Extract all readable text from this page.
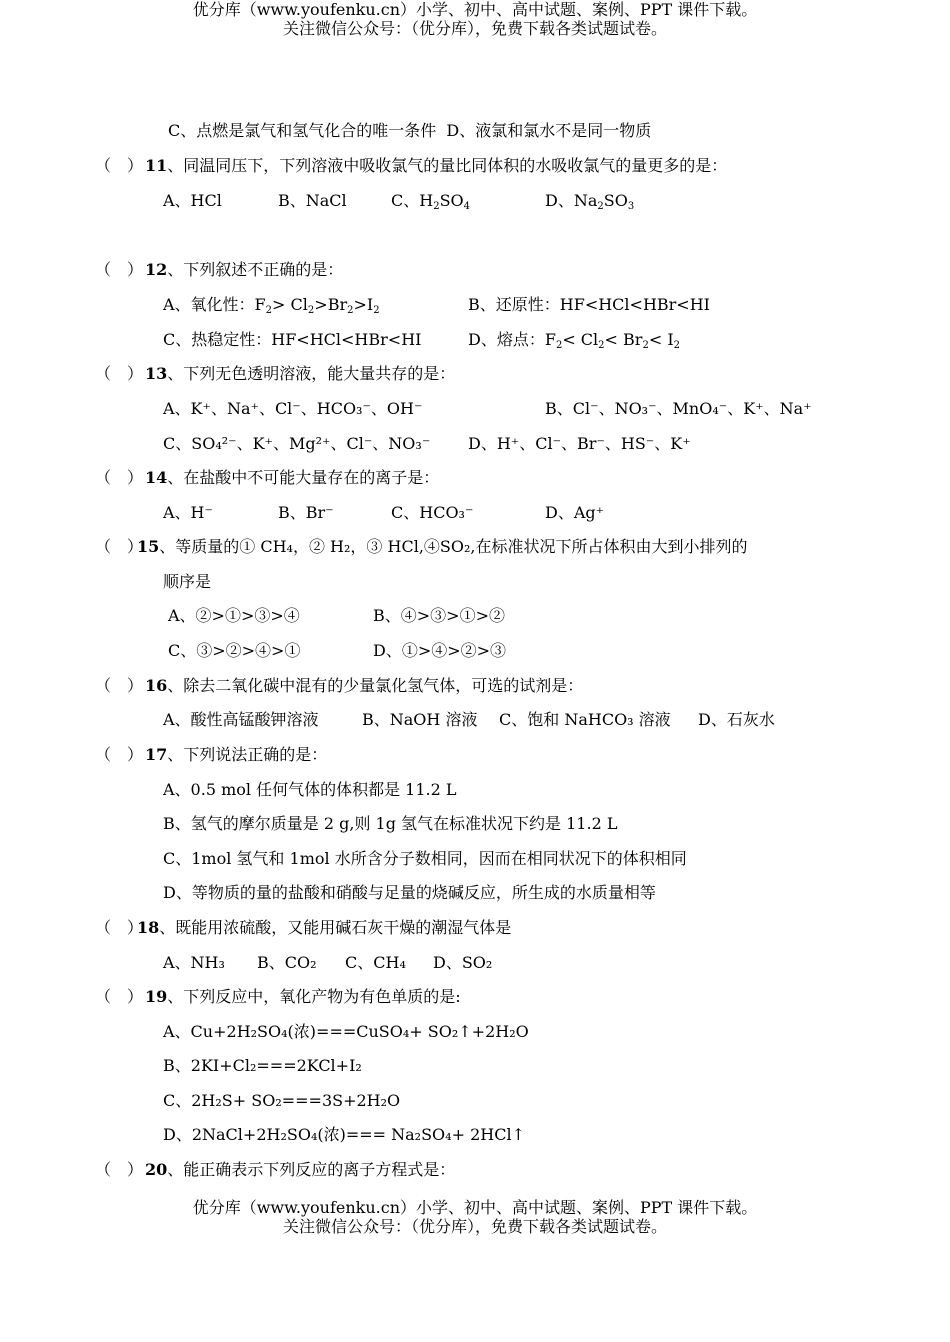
优分库（www.youfenku.cn）小学、初中、高中试题、案例、PPT 课件下载。
关注微信公众号：（优分库），免费下载各类试题试卷。
C、点燃是氯气和氢气化合的唯一条件 D、液氯和氯水不是同一物质
（　） 11、同温同压下，下列溶液中吸收氯气的量比同体积的水吸收氯气的量更多的是：
A、HCl	B、NaCl	C、$H_2SO_4$	D、$Na_2SO_3$
（　） 12、下列叙述不正确的是：
A、氧化性：$F_2> Cl_2>Br_2>I_2$	B、还原性：HF<HCl<HBr<HI
C、热稳定性：HF<HCl<HBr<HI	D、熔点：$F_2< Cl_2< Br_2< I_2$
（　） 13、下列无色透明溶液，能大量共存的是：
A、K⁺、Na⁺、Cl⁻、HCO₃⁻、OH⁻	B、Cl⁻、NO₃⁻、MnO₄⁻、K⁺、Na⁺
C、SO₄²⁻、K⁺、Mg²⁺、Cl⁻、NO₃⁻ D、H⁺、Cl⁻、Br⁻、HS⁻、K⁺
（　） 14、在盐酸中不可能大量存在的离子是：
A、H⁻	B、Br⁻	C、HCO₃⁻	D、Ag⁺
（　）15、等质量的① CH₄，② H₂，③ HCl,④SO₂,在标准状况下所占体积由大到小排列的
顺序是
A、②>①>③>④	B、④>③>①>②
C、③>②>④>①	D、①>④>②>③
（　） 16、除去二氧化碳中混有的少量氯化氢气体，可选的试剂是：
A、酸性高锰酸钾溶液	B、NaOH 溶液 C、饱和 NaHCO₃ 溶液 D、石灰水
（　） 17、下列说法正确的是：
A、0.5 mol 任何气体的体积都是 11.2 L
B、氢气的摩尔质量是 2 g,则 1g 氢气在标准状况下约是 11.2 L
C、1mol 氢气和 1mol 水所含分子数相同，因而在相同状况下的体积相同
D、等物质的量的盐酸和硝酸与足量的烧碱反应，所生成的水质量相等
（　）18、既能用浓硫酸，又能用碱石灰干燥的潮湿气体是
A、NH₃ B、CO₂ C、CH₄ D、SO₂
（　） 19、下列反应中，氧化产物为有色单质的是:
A、Cu+2H₂SO₄(浓)===CuSO₄+ SO₂↑+2H₂O
B、2KI+Cl₂===2KCl+I₂
C、2H₂S+ SO₂===3S+2H₂O
D、2NaCl+2H₂SO₄(浓)=== Na₂SO₄+ 2HCl↑
（　） 20、能正确表示下列反应的离子方程式是：
优分库（www.youfenku.cn）小学、初中、高中试题、案例、PPT 课件下载。
关注微信公众号：（优分库），免费下载各类试题试卷。
